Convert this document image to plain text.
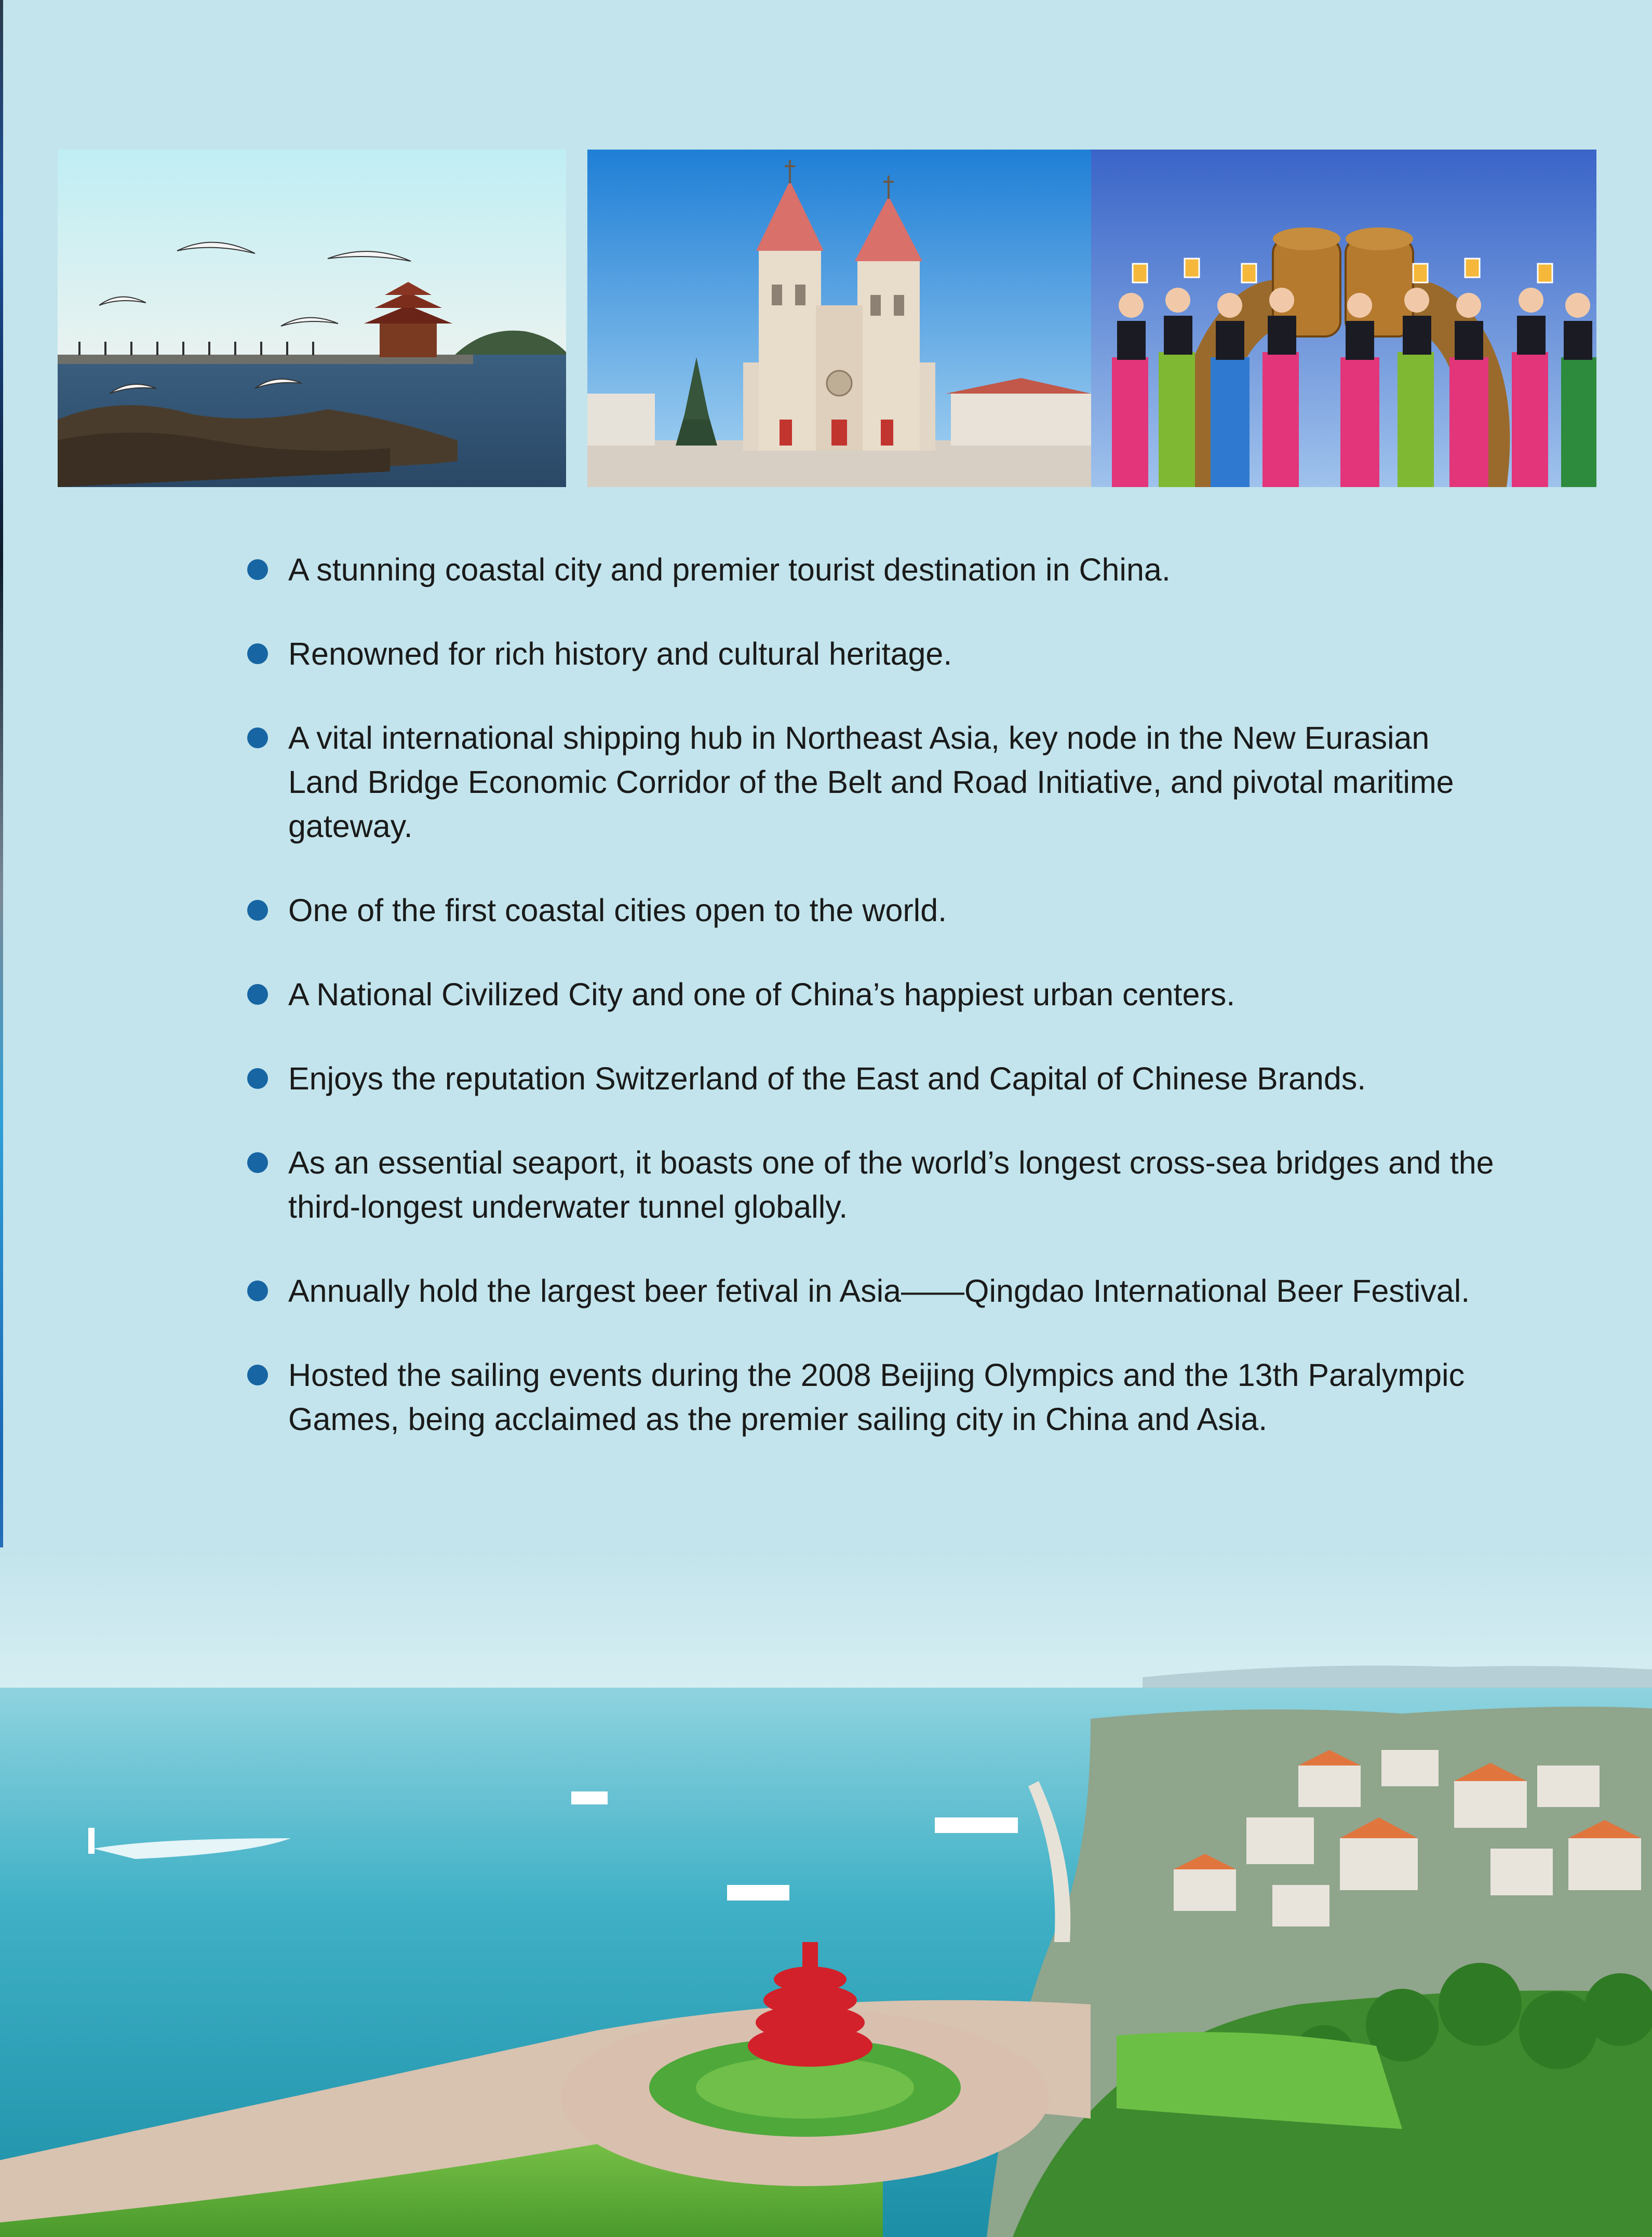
A stunning coastal city and premier tourist destination in China.
Renowned for rich history and cultural heritage.
A vital international shipping hub in Northeast Asia, key node in the New Eurasian Land Bridge Economic Corridor of the Belt and Road Initiative, and pivotal maritime gateway.
One of the first coastal cities open to the world.
A National Civilized City and one of China’s happiest urban centers.
Enjoys the reputation Switzerland of the East and Capital of Chinese Brands.
As an essential seaport, it boasts one of the world’s longest cross-sea bridges and the third-longest underwater tunnel globally.
Annually hold the largest beer fetival in Asia——Qingdao International Beer Festival.
Hosted the sailing events during the 2008 Beijing Olympics and the 13th Paralympic Games, being acclaimed as the premier sailing city in China and Asia.
